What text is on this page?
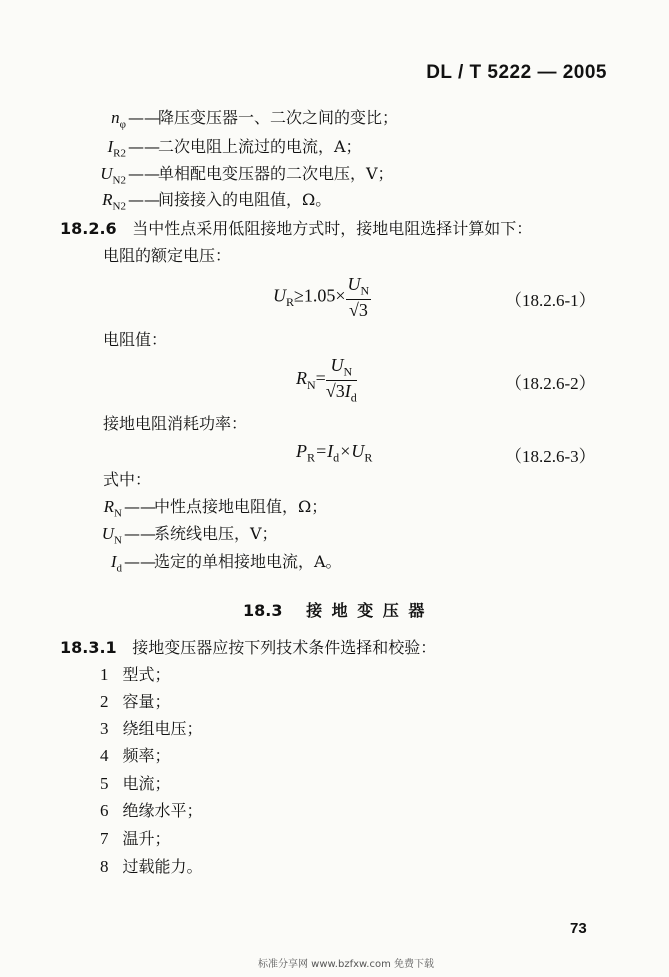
DL / T 5222 — 2005
$n_\varphi$ ——
降压变压器一、二次之间的变比；
$I_{R2}$ ——
二次电阻上流过的电流，A；
$U_{N2}$ ——
单相配电变压器的二次电压，V；
$R_{N2}$ ——
间接接入的电阻值，Ω。
18.2.6 当中性点采用低阻接地方式时，接地电阻选择计算如下：
电阻的额定电压：
$U_R\ge 1.05\times \frac{U_N}{√3}$	（18.2.6-1）
电阻值：
$R_N= \frac{U_N}{√3I_d}$	（18.2.6-2）
接地电阻消耗功率：
$P_R=I_d\times U_R$	（18.2.6-3）
式中：
$R_N$ ——
中性点接地电阻值，Ω；
$U_N$ ——
系统线电压，V；
$I_d$ ——
选定的单相接地电流，A。
18.3 接 地 变 压 器
18.3.1 接地变压器应按下列技术条件选择和校验：
1 型式；
2 容量；
3 绕组电压；
4 频率；
5 电流；
6 绝缘水平；
7 温升；
8 过载能力。
73
标准分享网 www.bzfxw.com 免费下载
